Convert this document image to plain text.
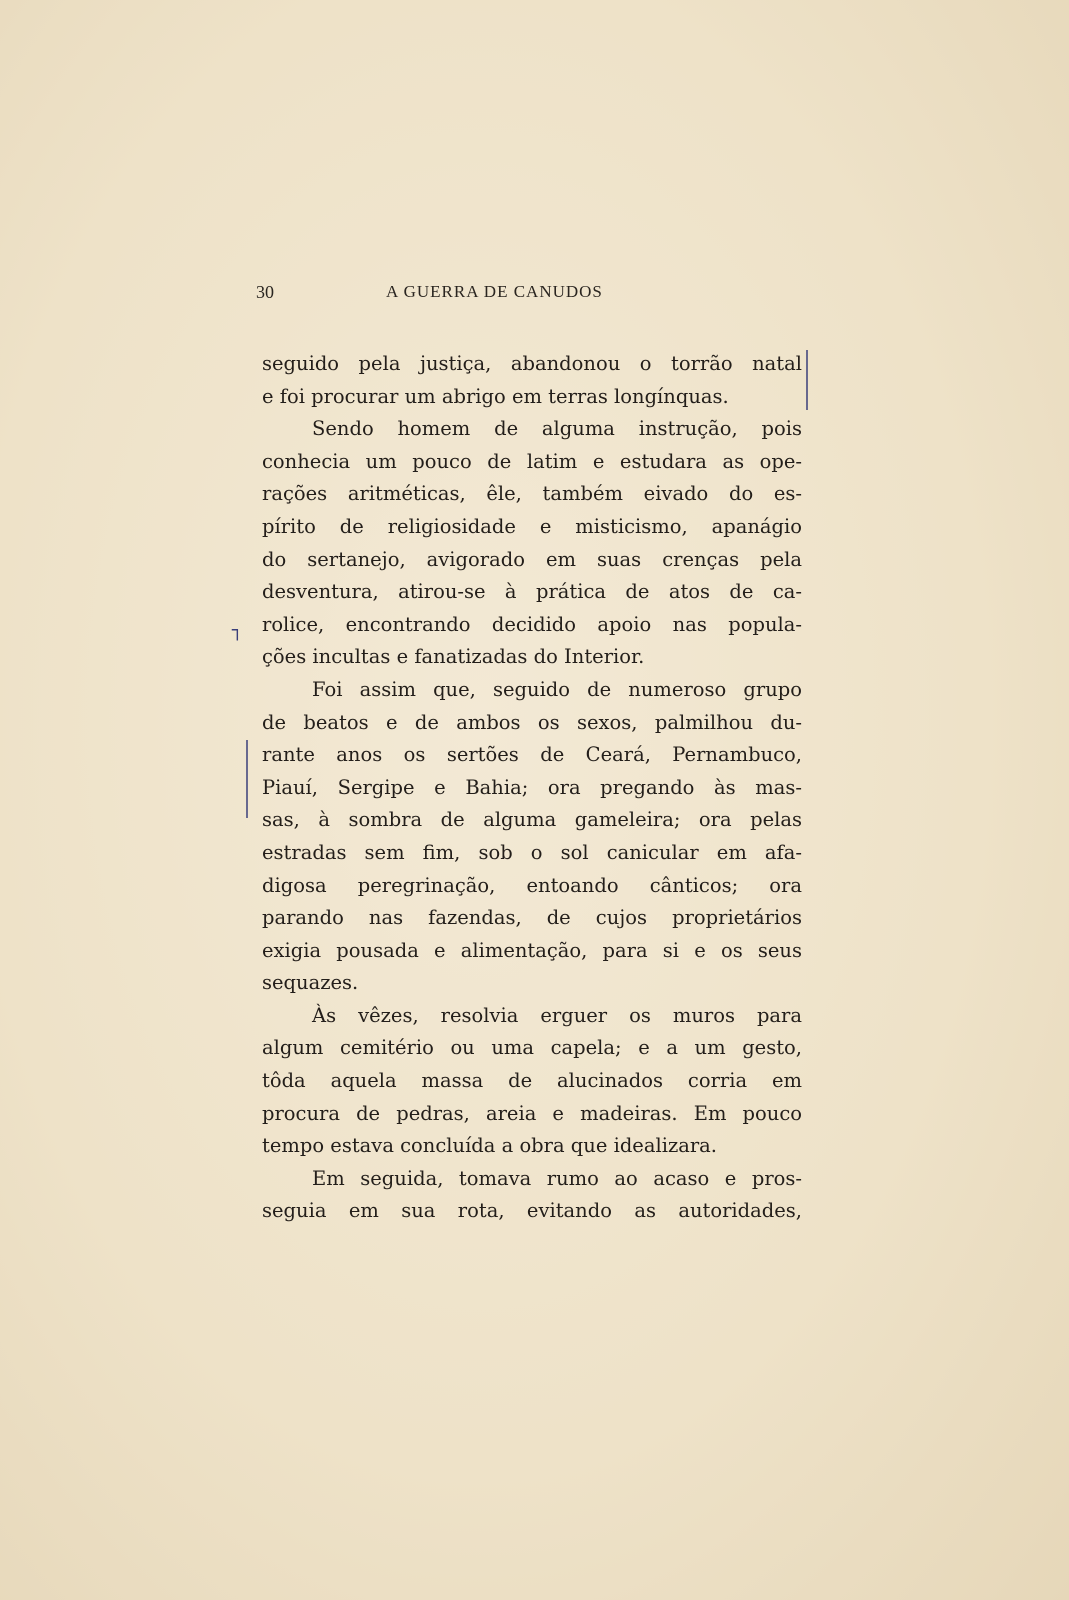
30	A GUERRA DE CANUDOS
seguido pela justiça, abandonou o torrão natal
e foi procurar um abrigo em terras longínquas.
Sendo homem de alguma instrução, pois
conhecia um pouco de latim e estudara as ope-
rações aritméticas, êle, também eivado do es-
pírito de religiosidade e misticismo, apanágio
do sertanejo, avigorado em suas crenças pela
desventura, atirou-se à prática de atos de ca-
rolice, encontrando decidido apoio nas popula-
ções incultas e fanatizadas do Interior.
Foi assim que, seguido de numeroso grupo
de beatos e de ambos os sexos, palmilhou du-
rante anos os sertões de Ceará, Pernambuco,
Piauí, Sergipe e Bahia; ora pregando às mas-
sas, à sombra de alguma gameleira; ora pelas
estradas sem fim, sob o sol canicular em afa-
digosa peregrinação, entoando cânticos; ora
parando nas fazendas, de cujos proprietários
exigia pousada e alimentação, para si e os seus
sequazes.
Às vêzes, resolvia erguer os muros para
algum cemitério ou uma capela; e a um gesto,
tôda aquela massa de alucinados corria em
procura de pedras, areia e madeiras. Em pouco
tempo estava concluída a obra que idealizara.
Em seguida, tomava rumo ao acaso e pros-
seguia em sua rota, evitando as autoridades,
┐
